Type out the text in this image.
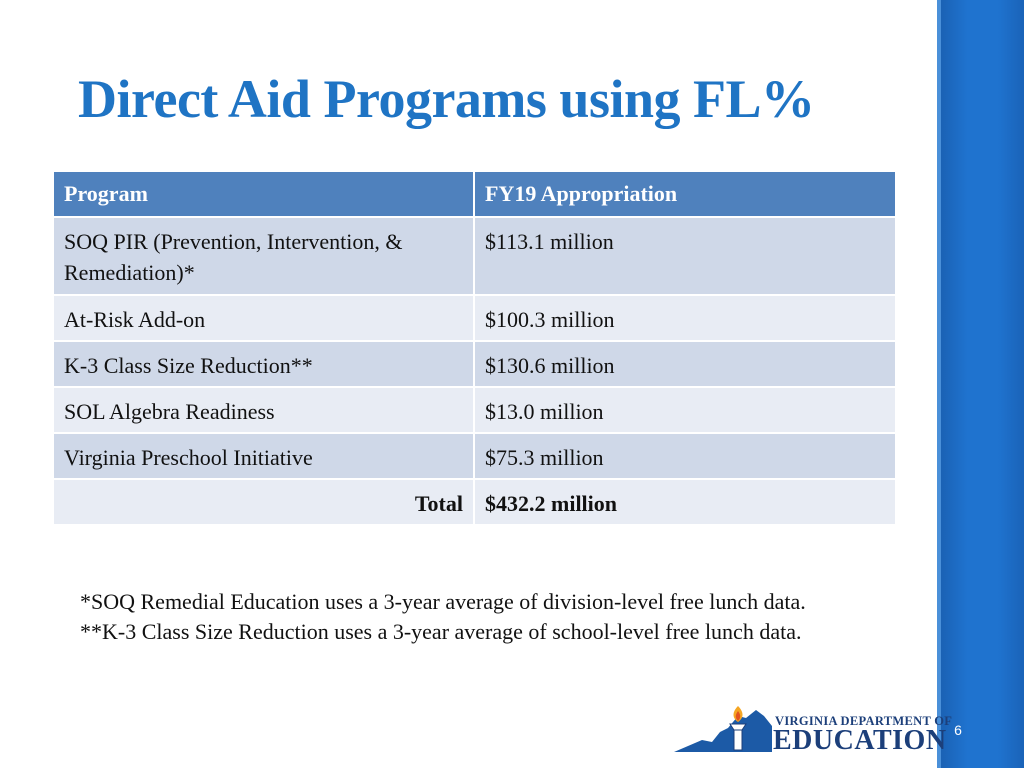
6
Direct Aid Programs using FL%
Program	FY19 Appropriation
SOQ PIR (Prevention, Intervention, & Remediation)*	$113.1 million
At-Risk Add-on	$100.3 million
K-3 Class Size Reduction**	$130.6 million
SOL Algebra Readiness	$13.0 million
Virginia Preschool Initiative	$75.3 million
Total	$432.2 million

*SOQ Remedial Education uses a 3-year average of division-level free lunch data.

**K-3 Class Size Reduction uses a 3-year average of school-level free lunch data.

VIRGINIA DEPARTMENT OF
EDUCATION
